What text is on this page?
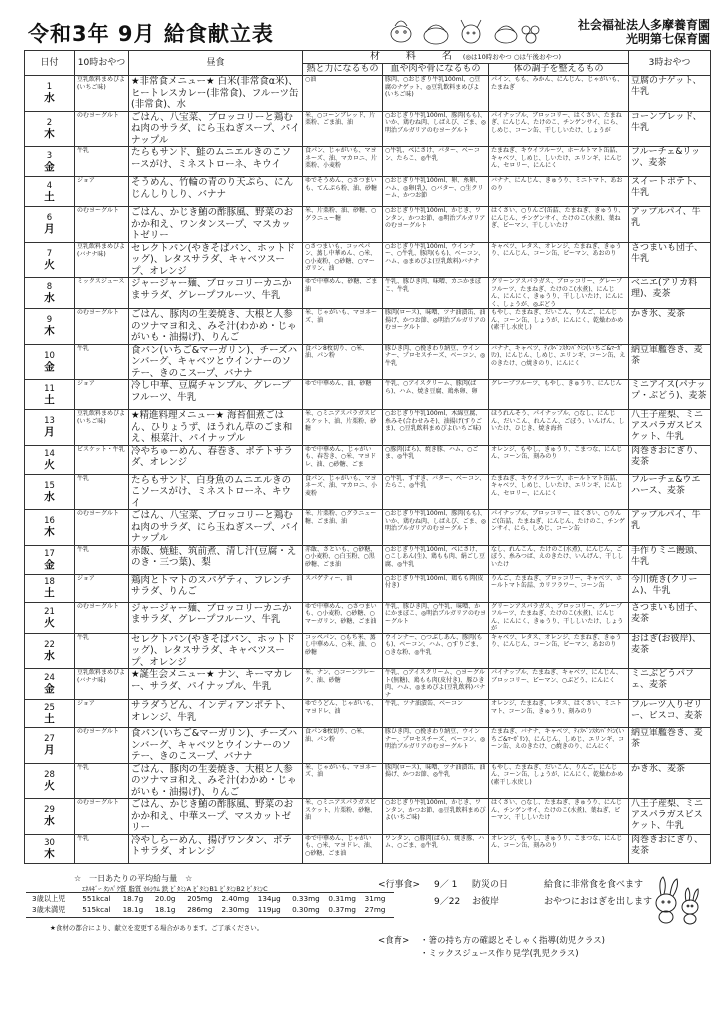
令和3年 9月 給食献立表	社会福祉法人多摩養育園
光明第七保育園
日付	10時おやつ	昼食	材　料　名 (◎は10時おやつ ○は午後おやつ)			3時おやつ
			熱と力になるもの	血や肉や骨になるもの	体の調子を整えるもの	

1
水	豆乳飲料まめぴよ(いちご味)	★非常食メニュー★ 白米(非常食α米)、ヒートレスカレー(非常食)、フルーツ缶(非常食)、水	○油	豚肉、○おじぎり牛乳100ml、○豆腐のナゲット、◎豆乳飲料まめぴよ(いちご味)	パイン、もも、みかん、にんじん、じゃがいも、たまねぎ	豆腐のナゲット、牛乳

2
木	のむヨーグルト	ごはん、八宝菜、ブロッコリーと鶏むね肉のサラダ、にら玉ねぎスープ、パイナップル	米、○コーンブレッド、片栗粉、ごま油、油	○おじぎり牛乳100ml、豚肉(もも)、いか、鶏むね肉、しばえび、ごま、◎明治ブルガリアのむヨーグルト	パイナップル、ブロッコリー、はくさい、たまねぎ、にんじん、たけのこ、チンゲンサイ、にら、しめじ、コーン缶、干ししいたけ、しょうが	コーンブレッド、牛乳

3
金	牛乳	たらもサンド、鮭のムニエルきのこソースがけ、ミネストローネ、キウイ	食パン、じゃがいも、マヨネーズ、油、マカロニ、片栗粉、小麦粉	○牛乳、べにさけ、バター、ベーコン、たらこ、◎牛乳	たまねぎ、キウイフルーツ、ホールトマト缶詰、キャベツ、しめじ、しいたけ、エリンギ、にんじん、セロリー、にんにく	フルーチェ&リッツ、麦茶

4
土	ジョア	そうめん、竹輪の青のり天ぷら、にんじんしりしり、バナナ	ゆでそうめん、○さつまいも、てんぷら粉、油、砂糖	○おじぎり牛乳100ml、卵、糸卵、ハム、◎卵(乳)、○バター、○生クリーム、かつお節	バナナ、にんじん、きゅうり、ミニトマト、あおのり	スイートポテト、牛乳

6
月	のむヨーグルト	ごはん、かじき鮪の酢豚風、野菜のおかか和え、ワンタンスープ、マスカットゼリー	米、片栗粉、油、砂糖、○グラニュー糖	○おじぎり牛乳100ml、かじき、ワンタン、かつお節、◎明治ブルガリアのむヨーグルト	はくさい、○りんご(缶詰、たまねぎ、きゅうり、にんじん、チンゲンサイ、たけのこ(水煮)、葉ねぎ、ピーマン、干ししいたけ	アップルパイ、牛乳

7
火	豆乳飲料まめぴよ(バナナ味)	セレクトパン(やきそばパン、ホットドッグ)、レタスサラダ、キャベツスープ、オレンジ	○さつまいも、コッペパン、蒸し中華めん、○米、○小麦粉、○砂糖、○マーガリン、油	○おじぎり牛乳100ml、ウインナー、○牛乳、豚肉(もも)、ベーコン、ハム、◎まめぴよ(豆乳飲料)バナナ	キャベツ、レタス、オレンジ、たまねぎ、きゅうり、にんじん、コーン缶、ピーマン、あおのり	さつまいも団子、牛乳

8
水	ミックスジュース	ジャージャー麺、ブロッコリーカニかまサラダ、グレープフルーツ、牛乳	ゆで中華めん、砂糖、ごま油	牛乳、豚ひき肉、味噌、カニかまぼこ、牛乳	グリーンアスパラガス、ブロッコリー、グレープフルーツ、たまねぎ、たけのこ(水煮)、にんじん、にんにく、きゅうり、干ししいたけ、にんにく、しょうが、◎ぶどう	ベニエ(アリカ料理)、麦茶

9
木	のむヨーグルト	ごはん、豚肉の生姜焼き、大根と人参のツナマヨ和え、みそ汁(わかめ・じゃがいも・油揚げ)、りんご	米、じゃがいも、マヨネーズ、油	豚肉(ロース)、味噌、ツナ油漬缶、油揚げ、かつお節、◎明治ブルガリアのむヨーグルト	もやし、たまねぎ、だいこん、りんご、にんじん、コーン缶、しょうが、にんにく、乾燥わかめ(素干し水戻し)	かき氷、麦茶

10
金	牛乳	食パン(いちご&マーガリン)、チーズハンバーグ、キャベツとウインナーのソテー、きのこスープ、バナナ	食パン8枚切り、○米、油、パン粉	豚ひき肉、○挽きわり納豆、ウインナー、プロセスチーズ、ベーコン、◎牛乳	バナナ、キャベツ、ﾃｨｽﾍﾞﾝｽﾀﾝﾊﾟｸﾐﾝ(いちご&ﾏｰｶﾞﾘﾝ)、にんじん、しめじ、エリンギ、コーン缶、えのきたけ、○焼きのり、にんにく	納豆軍艦巻き、麦茶

11
土	ジョア	冷し中華、豆腐チャンプル、グレープフルーツ、牛乳	ゆで中華めん、油、砂糖	牛乳、○アイスクリーム、豚肉(ばら)、ハム、焼き豆腐、鶏糸卵、卵	グレープフルーツ、もやし、きゅうり、にんじん	ミニアイス(パナップ・ぶどう)、麦茶

13
月	豆乳飲料まめぴよ(いちご味)	★精進料理メニュー★ 海苔佃煮ごはん、ひりょうず、ほうれん草のごま和え、根菜汁、パイナップル	米、○ミニアスパラガスビスケット、油、片栗粉、砂糖	○おじぎり牛乳100ml、木綿豆腐、糸みそ(合わせみそ)、油揚げ(すりごま)、○豆乳飲料まめぴよ(いちご味)	ほうれんそう、パイナップル、○なし、にんじん、だいこん、れんこん、ごぼう、いんげん、しいたけ、ひじき、焼き海苔	八王子産梨、ミニアスパラガスビスケット、牛乳

14
火	ビスケット・牛乳	冷やちゅーめん、春巻き、ポテトサラダ、オレンジ	ゆで中華めん、じゃがいも、春巻き、○米、マヨドレ、油、○砂糖、ごま	○豚肉(ばら)、焼き豚、ハム、○ごま、◎牛乳	オレンジ、もやし、きゅうり、こまつな、にんじん、コーン缶、刻みのり	肉巻きおにぎり、麦茶

15
水	牛乳	たらもサンド、白身魚のムニエルきのこソースがけ、ミネストローネ、キウイ	食パン、じゃがいも、マヨネーズ、油、マカロニ、小麦粉	○牛乳、すずき、バター、ベーコン、たらこ、◎牛乳	たまねぎ、キウイフルーツ、ホールトマト缶詰、キャベツ、しめじ、しいたけ、エリンギ、にんじん、セロリー、にんにく	フルーチェ&ウエハース、麦茶

16
木	のむヨーグルト	ごはん、八宝菜、ブロッコリーと鶏むね肉のサラダ、にら玉ねぎスープ、パイナップル	米、片栗粉、○グラニュー糖、ごま油、油	○おじぎり牛乳100ml、豚肉(もも)、いか、鶏むね肉、しばえび、ごま、◎明治ブルガリアのむヨーグルト	パイナップル、ブロッコリー、はくさい、○りんご(缶詰、たまねぎ、にんじん、たけのこ、チンゲンサイ、にら、しめじ、コーン缶	アップルパイ、牛乳

17
金	牛乳	赤飯、焼鮭、筑前煮、清し汁(豆腐・えのき・三つ葉)、梨	赤飯、さといも、○砂糖、○小麦粉、○白玉粉、○黒砂糖、ごま油	○おじぎり牛乳100ml、べにさけ、○こしあん(生)、鶏もも肉、絹ごし豆腐、◎牛乳	なし、れんこん、たけのこ(水煮)、にんじん、ごぼう、糸みつば、えのきたけ、いんげん、干ししいたけ	手作りミニ饅頭、牛乳

18
土	ジョア	鶏肉とトマトのスパゲティ、フレンチサラダ、りんご	スパゲティー、油	○おじぎり牛乳100ml、鶏もも肉(皮付き)	りんご、たまねぎ、ブロッコリー、キャベツ、ホールトマト缶詰、カリフラワー、コーン缶	今川焼き(クリーム)、牛乳

21
火	のむヨーグルト	ジャージャー麺、ブロッコリーカニかまサラダ、グレープフルーツ、牛乳	ゆで中華めん、○さつまいも、○小麦粉、○砂糖、○マーガリン、砂糖、ごま油	牛乳、豚ひき肉、○牛乳、味噌、かにかまぼこ、◎明治ブルガリアのむヨーグルト	グリーンアスパラガス、ブロッコリー、グレープフルーツ、たまねぎ、たけのこ(水煮)、にんじん、にんにく、きゅうり、干ししいたけ、しょうが	さつまいも団子、麦茶

22
水	牛乳	セレクトパン(やきそばパン、ホットドッグ)、レタスサラダ、キャベツスープ、オレンジ	コッペパン、○もち米、蒸し中華めん、○米、油、○砂糖	ウインナー、○つぶしあん、豚肉(もも)、ベーコン、ハム、○すりごま、○きな粉、◎牛乳	キャベツ、レタス、オレンジ、たまねぎ、きゅうり、にんじん、コーン缶、ピーマン、あおのり	おはぎ(お彼岸)、麦茶

24
金	豆乳飲料まめぴよ(バナナ味)	★誕生会メニュー★ ナン、キーマカレー、サラダ、パイナップル、牛乳	米、ナン、○コーンフレーク、油、砂糖	牛乳、○アイスクリーム、○ヨーグルト(無糖)、鶏もも肉(皮付き)、豚ひき肉、ハム、◎まめぴよ(豆乳飲料)バナナ	パイナップル、たまねぎ、キャベツ、にんじん、ブロッコリー、ピーマン、○ぶどう、にんにく	ミニぶどうパフェ、麦茶

25
土	ジョア	サラダうどん、インディアンポテト、オレンジ、牛乳	ゆでうどん、じゃがいも、マヨドレ、油	牛乳、ツナ油漬缶、ベーコン	オレンジ、たまねぎ、レタス、はくさい、ミニトマト、コーン缶、きゅうり、刻みのり	フルーツ入りゼリー、ビスコ、麦茶

27
月	のむヨーグルト	食パン(いちご&マーガリン)、チーズハンバーグ、キャベツとウインナーのソテー、きのこスープ、バナナ	食パン8枚切り、○米、油、パン粉	豚ひき肉、○挽きわり納豆、ウインナー、プロセスチーズ、ベーコン、◎明治ブルガリアのむヨーグルト	たまねぎ、バナナ、キャベツ、ﾃｨｽﾍﾞﾝｽﾀﾝﾊﾟｸﾐﾝ(いちご&ﾏｰｶﾞﾘﾝ)、にんじん、しめじ、エリンギ、コーン缶、えのきたけ、○焼きのり、にんにく	納豆軍艦巻き、麦茶

28
火	牛乳	ごはん、豚肉の生姜焼き、大根と人参のツナマヨ和え、みそ汁(わかめ・じゃがいも・油揚げ)、りんご	米、じゃがいも、マヨネーズ、油	豚肉(ロース)、味噌、ツナ油漬缶、油揚げ、かつお節、◎牛乳	もやし、たまねぎ、だいこん、りんご、にんじん、コーン缶、しょうが、にんにく、乾燥わかめ(素干し水戻し)	かき氷、麦茶

29
水	のむヨーグルト	ごはん、かじき鮪の酢豚風、野菜のおかか和え、中華スープ、マスカットゼリー	米、○ミニアスパラガスビスケット、片栗粉、砂糖、油	○おじぎり牛乳100ml、かじき、ワンタン、かつお節、◎豆乳飲料まめぴよ(いちご味)	はくさい、○なし、たまねぎ、きゅうり、にんじん、チンゲンサイ、たけのこ(水煮)、葉ねぎ、ピーマン、干ししいたけ	八王子産梨、ミニアスパラガスビスケット、牛乳

30
木	牛乳	冷やしらーめん、揚げワンタン、ポテトサラダ、オレンジ	ゆで中華めん、じゃがいも、○米、マヨドレ、油、○砂糖、ごま油	ワンタン、○豚肉(ばら)、焼き豚、ハム、○ごま、◎牛乳	オレンジ、もやし、きゅうり、こまつな、にんじん、コーン缶、刻みのり	肉巻きおにぎり、麦茶
☆　一日あたりの平均給与量　☆
ｴﾈﾙｷﾞｰ ﾀﾝﾊﾟｸ質 脂質 ｶﾙｼｳﾑ 鉄 ﾋﾞﾀﾐﾝA ﾋﾞﾀﾐﾝB1 ﾋﾞﾀﾐﾝB2 ﾋﾞﾀﾐﾝC
3歳以上児 551kcal 18.7g 20.0g 205mg 2.40mg 134μg 0.33mg 0.31mg 31mg
3歳未満児 515kcal 18.1g 18.1g 286mg 2.30mg 119μg 0.30mg 0.37mg 27mg
★食材の都合により、献立を変更する場合があります。ご了承ください。
<行事食> 9／ 1 防災の日	給食に非常食を食べます
9／22 お彼岸	おやつにおはぎを出します
<食育> ・箸の持ち方の確認とそしゃく指導(幼児クラス)
・ミックスジュース作り見学(乳児クラス)
